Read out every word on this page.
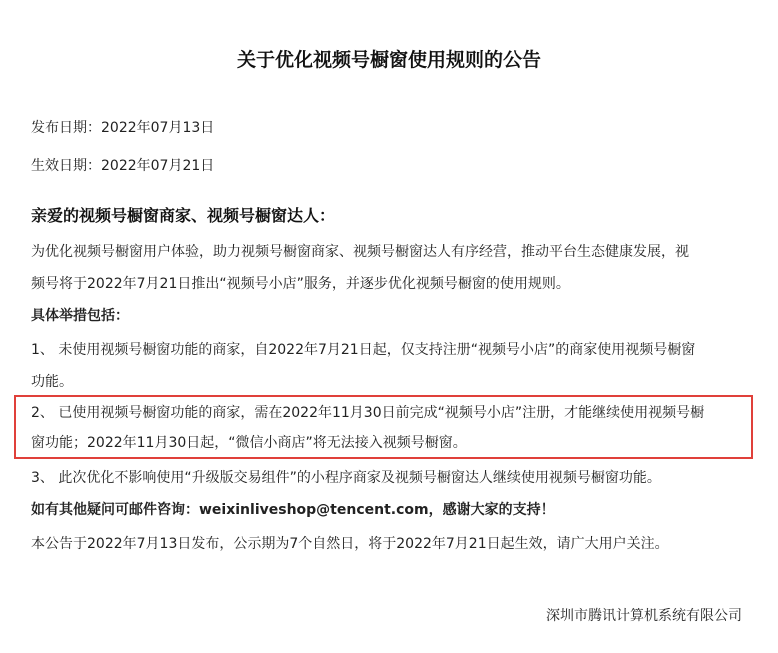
关于优化视频号橱窗使用规则的公告
发布日期：2022年07月13日
生效日期：2022年07月21日
亲爱的视频号橱窗商家、视频号橱窗达人：
为优化视频号橱窗用户体验，助力视频号橱窗商家、视频号橱窗达人有序经营，推动平台生态健康发展，视
频号将于2022年7月21日推出“视频号小店”服务，并逐步优化视频号橱窗的使用规则。
具体举措包括：
1、 未使用视频号橱窗功能的商家，自2022年7月21日起，仅支持注册“视频号小店”的商家使用视频号橱窗
功能。
2、 已使用视频号橱窗功能的商家，需在2022年11月30日前完成“视频号小店”注册，才能继续使用视频号橱
窗功能；2022年11月30日起，“微信小商店”将无法接入视频号橱窗。
3、 此次优化不影响使用“升级版交易组件”的小程序商家及视频号橱窗达人继续使用视频号橱窗功能。
如有其他疑问可邮件咨询：weixinliveshop@tencent.com，感谢大家的支持！
本公告于2022年7月13日发布，公示期为7个自然日，将于2022年7月21日起生效，请广大用户关注。
深圳市腾讯计算机系统有限公司
